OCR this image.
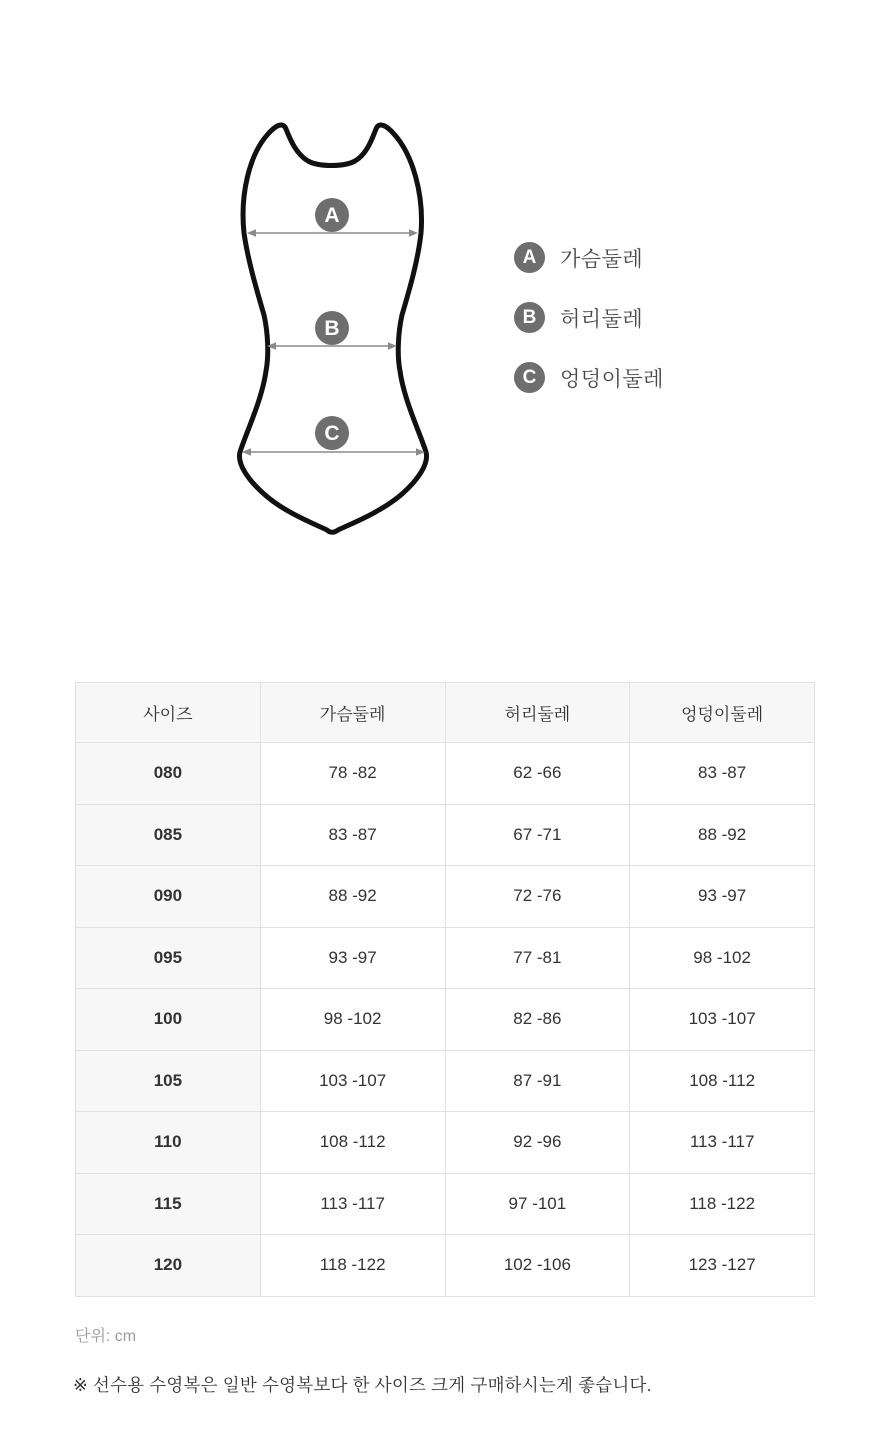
A
B
C
A	가슴둘레
B	허리둘레
C	엉덩이둘레
사이즈	가슴둘레	허리둘레	엉덩이둘레
080	78 -82	62 -66	83 -87
085	83 -87	67 -71	88 -92
090	88 -92	72 -76	93 -97
095	93 -97	77 -81	98 -102
100	98 -102	82 -86	103 -107
105	103 -107	87 -91	108 -112
110	108 -112	92 -96	113 -117
115	113 -117	97 -101	118 -122
120	118 -122	102 -106	123 -127
단위: cm
※ 선수용 수영복은 일반 수영복보다 한 사이즈 크게 구매하시는게 좋습니다.
